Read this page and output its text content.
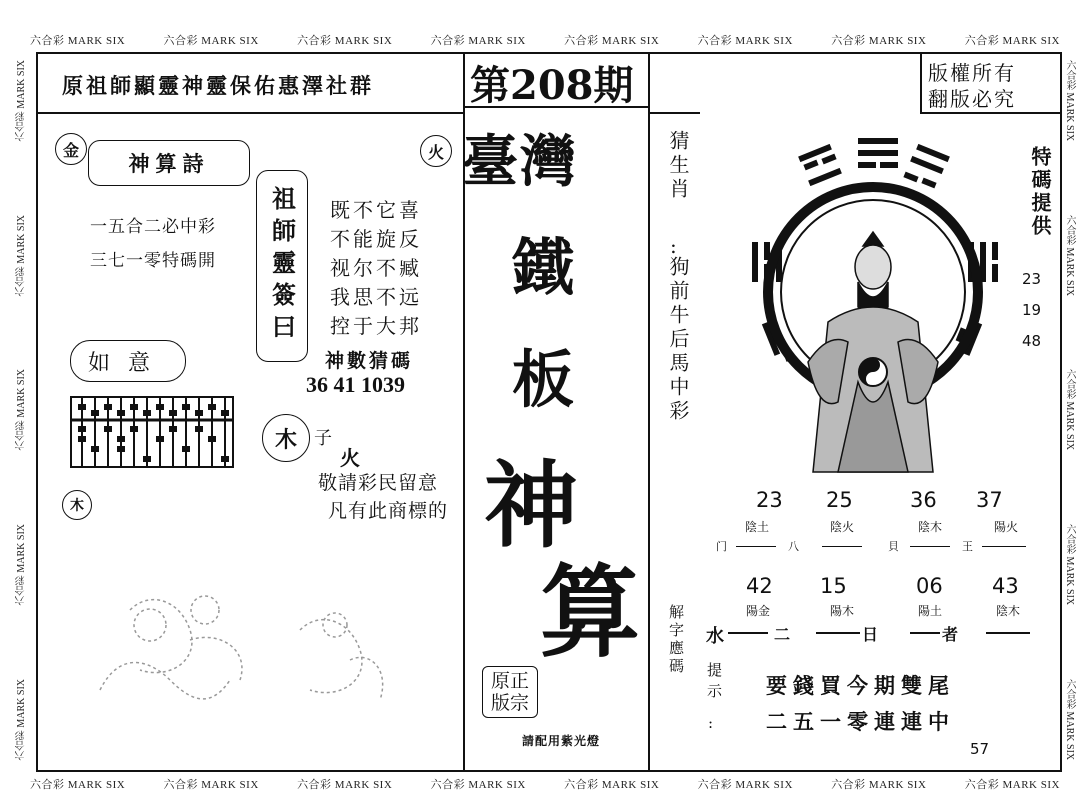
六合彩 MARK SIX	六合彩 MARK SIX	六合彩 MARK SIX	六合彩 MARK SIX	六合彩 MARK SIX	六合彩 MARK SIX	六合彩 MARK SIX	六合彩 MARK SIX
六合彩 MARK SIX	六合彩 MARK SIX	六合彩 MARK SIX	六合彩 MARK SIX	六合彩 MARK SIX	六合彩 MARK SIX	六合彩 MARK SIX	六合彩 MARK SIX
六合彩 MARK SIX
六合彩 MARK SIX
六合彩 MARK SIX
六合彩 MARK SIX
六合彩 MARK SIX
六合彩 MARK SIX
六合彩 MARK SIX
六合彩 MARK SIX
六合彩 MARK SIX
六合彩 MARK SIX
原祖師顯靈神靈保佑惠澤社群 第208期	版權所有
翻版必究
金	火
神算詩
一五合二必中彩
三七一零特碼開	祖師靈簽曰	既不它喜
不能旋反
视尔不臧
我思不远
控于大邦
神數猜碼
36 41 1039
如意
木 子
火
敬請彩民留意
凡有此商標的
木
臺灣
鐵
板
神
算
原正版宗
請配用紫光燈
猜生肖
:
狗前牛后馬中彩
特碼提供
23
19
48
23 25	36 37
陰土	陰火	陰木	陽火
门	八	貝	王
42 15	06 43
陽金	陽木	陽土	陰木
水	二	日	者
解字應碼
提示
:
要錢買今期雙尾
二五一零連連中
57
